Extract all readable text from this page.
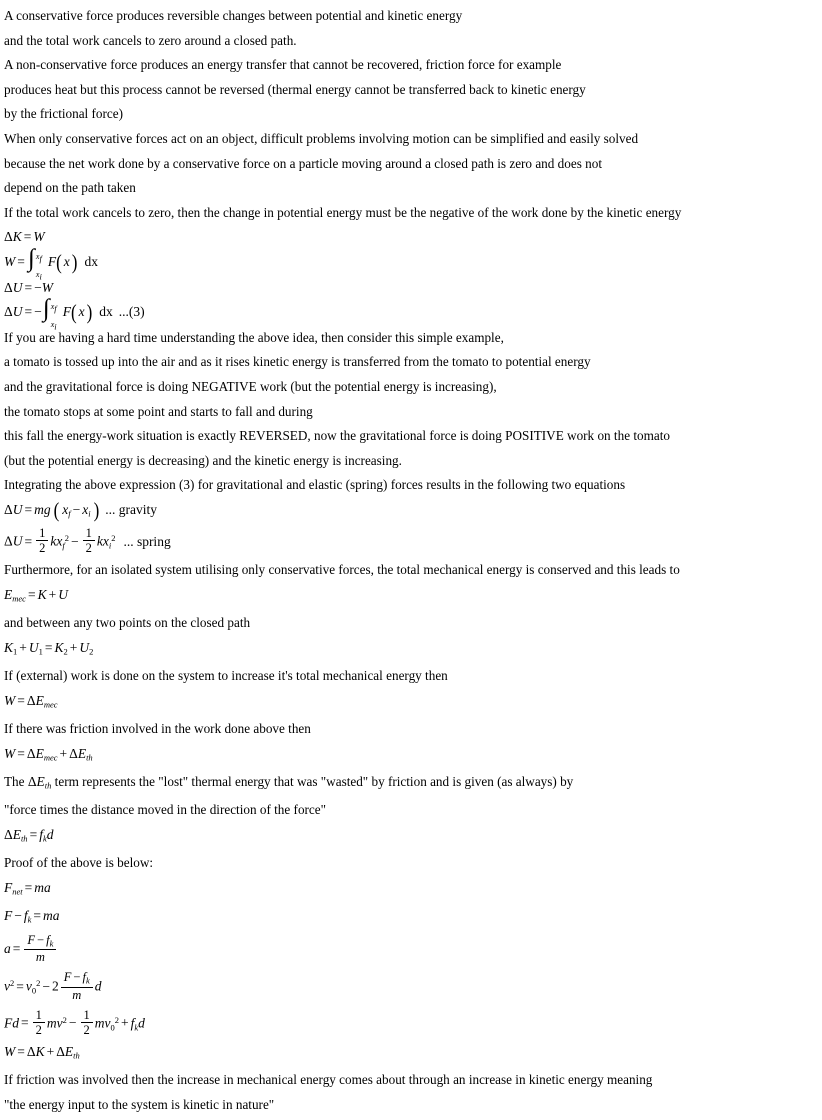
A conservative force produces reversible changes between potential and kinetic energy
and the total work cancels to zero around a closed path.
A non-conservative force produces an energy transfer that cannot be recovered, friction force for example
produces heat but this process cannot be reversed (thermal energy cannot be transferred back to kinetic energy
by the frictional force)
When only conservative forces act on an object, difficult problems involving motion can be simplified and easily solved
because the net work done by a conservative force on a particle moving around a closed path is zero and does not
depend on the path taken
If the total work cancels to zero, then the change in potential energy must be the negative of the work done by the kinetic energy
ΔK = W
W = ∫ xf
xi
F( x ) dx
ΔU = −W
ΔU = − ∫ xf
xi
F( x ) dx ...(3)
If you are having a hard time understanding the above idea, then consider this simple example,
a tomato is tossed up into the air and as it rises kinetic energy is transferred from the tomato to potential energy
and the gravitational force is doing NEGATIVE work (but the potential energy is increasing),
the tomato stops at some point and starts to fall and during
this fall the energy-work situation is exactly REVERSED, now the gravitational force is doing POSITIVE work on the tomato
(but the potential energy is decreasing) and the kinetic energy is increasing.
Integrating the above expression (3) for gravitational and elastic (spring) forces results in the following two equations
ΔU = mg ( $x_f - x_i$ ) ... gravity
$\Delta U = \frac{1}{2} kx_f^2 - \frac{1}{2} kx_i^2$ ... spring
Furthermore, for an isolated system utilising only conservative forces, the total mechanical energy is conserved and this leads to
$E_{mec} = K + U$
and between any two points on the closed path
$K_1 + U_1 = K_2 + U_2$
If (external) work is done on the system to increase it's total mechanical energy then
$W = \Delta E_{mec}$
If there was friction involved in the work done above then
$W = \Delta E_{mec} + \Delta E_{th}$
The $\Delta E_{th}$ term represents the "lost" thermal energy that was "wasted" by friction and is given (as always) by
"force times the distance moved in the direction of the force"
$\Delta E_{th} = f_kd$
Proof of the above is below:
$F_{net}$ = ma
$F - f_k$ = ma
$a = \frac{F - f_k}{m}$
$v^2 = v_0^2 - 2 \frac{F - f_k}{m}$ d
$Fd = \frac{1}{2} mv^2 - \frac{1}{2} mv_0^2 + f_kd$
$W = \Delta K + \Delta E_{th}$
If friction was involved then the increase in mechanical energy comes about through an increase in kinetic energy meaning
"the energy input to the system is kinetic in nature"
